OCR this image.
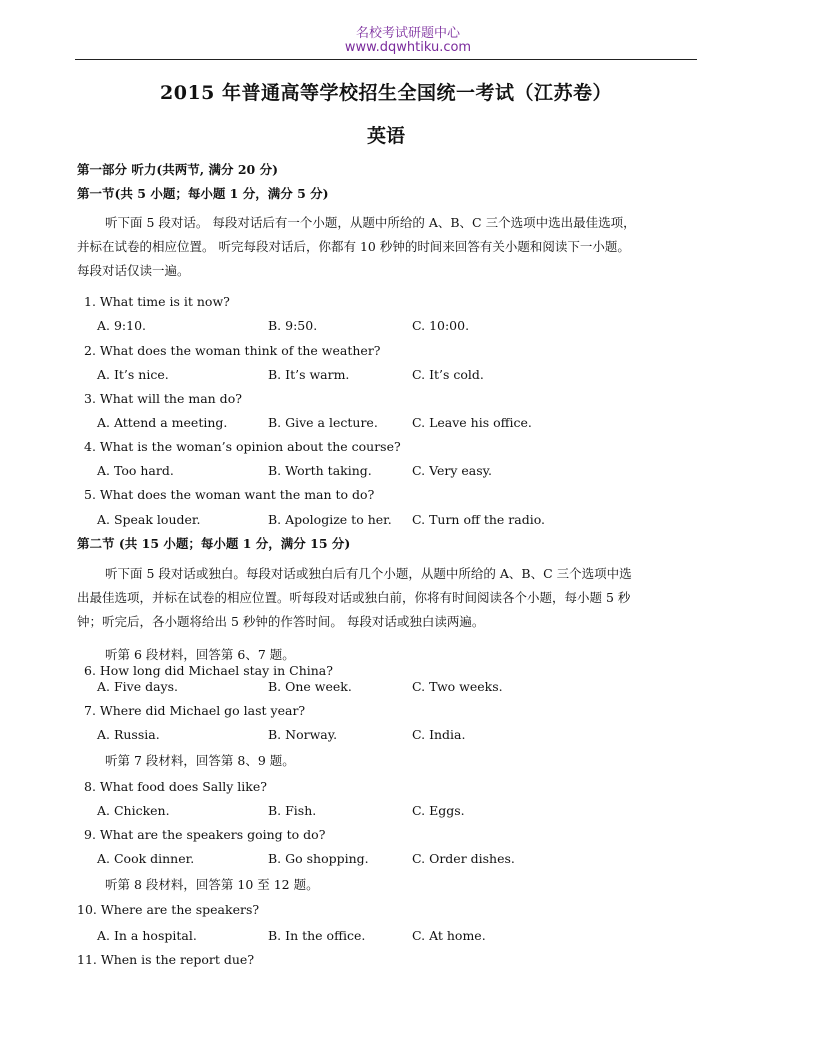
名校考试研题中心
www.dqwhtiku.com
2015 年普通高等学校招生全国统一考试（江苏卷）
英语
第一部分 听力(共两节, 满分 20 分)
第一节(共 5 小题；每小题 1 分，满分 5 分)

听下面 5 段对话。 每段对话后有一个小题，从题中所给的 A、B、C 三个选项中选出最佳选项，

并标在试卷的相应位置。 听完每段对话后，你都有 10 秒钟的时间来回答有关小题和阅读下一小题。

每段对话仅读一遍。

1. What time is it now?
A. 9:10.	B. 9:50.	C. 10:00.
2. What does the woman think of the weather?
A. It’s nice.	B. It’s warm.	C. It’s cold.
3. What will the man do?
A. Attend a meeting.	B. Give a lecture.	C. Leave his office.
4. What is the woman’s opinion about the course?
A. Too hard.	B. Worth taking.	C. Very easy.
5. What does the woman want the man to do?
A. Speak louder.	B. Apologize to her. C. Turn off the radio.
第二节 (共 15 小题；每小题 1 分，满分 15 分)

听下面 5 段对话或独白。每段对话或独白后有几个小题，从题中所给的 A、B、C 三个选项中选

出最佳选项，并标在试卷的相应位置。听每段对话或独白前，你将有时间阅读各个小题，每小题 5 秒

钟；听完后，各小题将给出 5 秒钟的作答时间。 每段对话或独白读两遍。

听第 6 段材料，回答第 6、7 题。
6. How long did Michael stay in China?
A. Five days.	B. One week.	C. Two weeks.
7. Where did Michael go last year?
A. Russia.	B. Norway.	C. India.
听第 7 段材料，回答第 8、9 题。
8. What food does Sally like?
A. Chicken.	B. Fish.	C. Eggs.
9. What are the speakers going to do?
A. Cook dinner.	B. Go shopping.	C. Order dishes.
听第 8 段材料，回答第 10 至 12 题。
10. Where are the speakers?
A. In a hospital.	B. In the office.	C. At home.
11. When is the report due?
